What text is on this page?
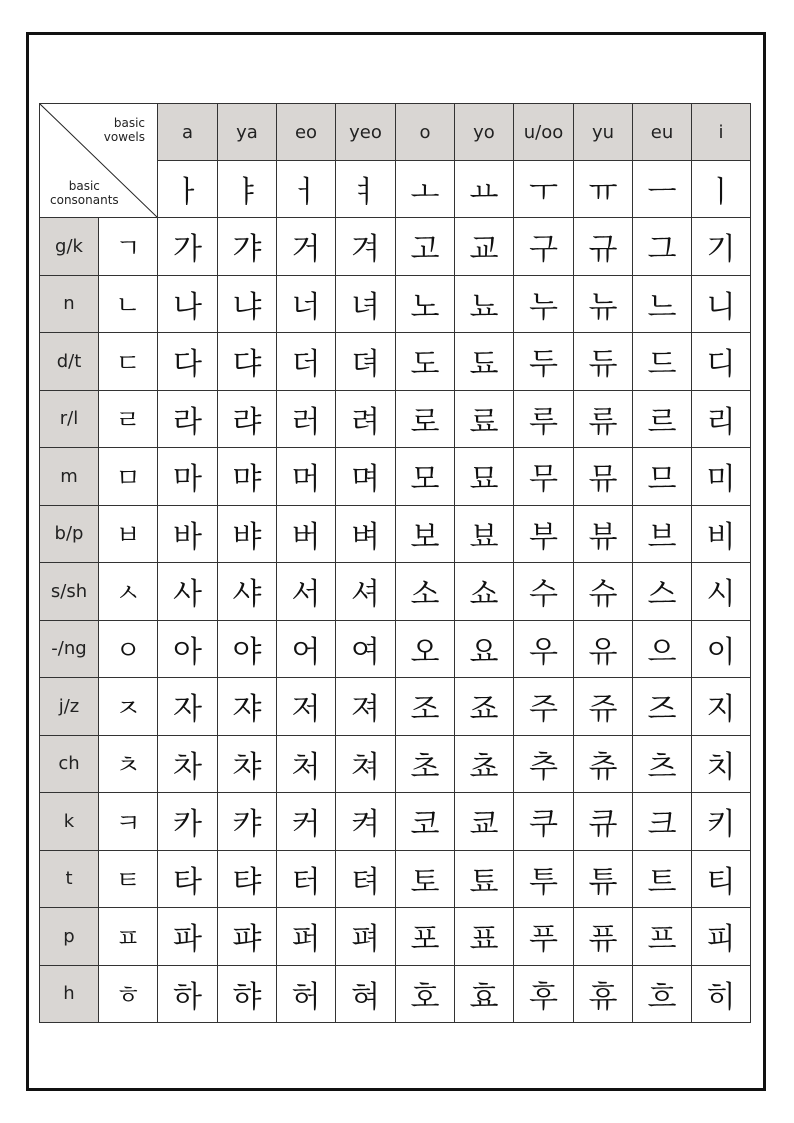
basic
vowels
basic
consonants		a	ya	eo	yeo	o	yo	u/oo	yu	eu	i
		ㅏ	ㅑ	ㅓ	ㅕ	ㅗ	ㅛ	ㅜ	ㅠ	ㅡ	ㅣ
g/k	ㄱ	가	갸	거	겨	고	교	구	규	그	기
n	ㄴ	나	냐	너	녀	노	뇨	누	뉴	느	니
d/t	ㄷ	다	댜	더	뎌	도	됴	두	듀	드	디
r/l	ㄹ	라	랴	러	려	로	료	루	류	르	리
m	ㅁ	마	먀	머	며	모	묘	무	뮤	므	미
b/p	ㅂ	바	뱌	버	벼	보	뵤	부	뷰	브	비
s/sh	ㅅ	사	샤	서	셔	소	쇼	수	슈	스	시
-/ng	ㅇ	아	야	어	여	오	요	우	유	으	이
j/z	ㅈ	자	쟈	저	져	조	죠	주	쥬	즈	지
ch	ㅊ	차	챠	처	쳐	초	쵸	추	츄	츠	치
k	ㅋ	카	캬	커	켜	코	쿄	쿠	큐	크	키
t	ㅌ	타	탸	터	텨	토	툐	투	튜	트	티
p	ㅍ	파	퍄	퍼	펴	포	표	푸	퓨	프	피
h	ㅎ	하	햐	허	혀	호	효	후	휴	흐	히
